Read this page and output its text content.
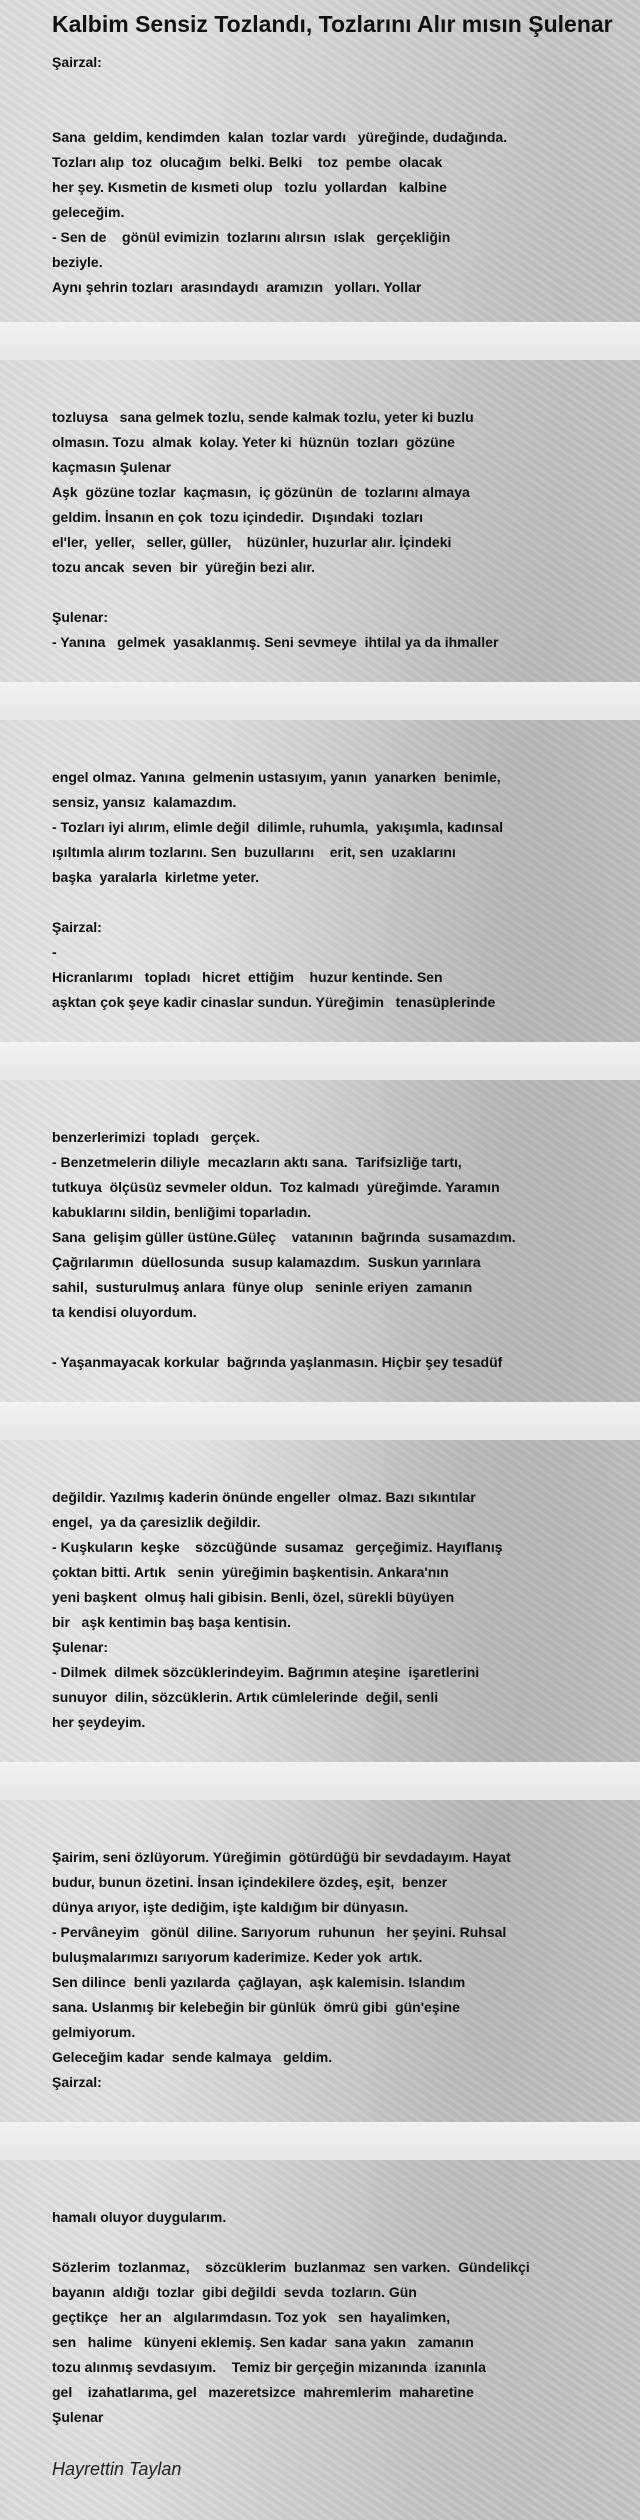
Kalbim Sensiz Tozlandı, Tozlarını Alır mısın Şulenar
Şairzal:
Sana  geldim, kendimden  kalan  tozlar vardı   yüreğinde, dudağında.
Tozları alıp  toz  olucağım  belki. Belki    toz  pembe  olacak
her şey. Kısmetin de kısmeti olup   tozlu  yollardan   kalbine
geleceğim.
- Sen de    gönül evimizin  tozlarını alırsın  ıslak   gerçekliğin
beziyle.
Aynı şehrin tozları  arasındaydı  aramızın   yolları. Yollar
tozluysa   sana gelmek tozlu, sende kalmak tozlu, yeter ki buzlu
olmasın. Tozu  almak  kolay. Yeter ki  hüznün  tozları  gözüne
kaçmasın Şulenar
Aşk  gözüne tozlar  kaçmasın,  iç gözünün  de  tozlarını almaya
geldim. İnsanın en çok  tozu içindedir.  Dışındaki  tozları
el'ler,  yeller,   seller, güller,    hüzünler, huzurlar alır. İçindeki
tozu ancak  seven  bir  yüreğin bezi alır.
Şulenar:
- Yanına   gelmek  yasaklanmış. Seni sevmeye  ihtilal ya da ihmaller
engel olmaz. Yanına  gelmenin ustasıyım, yanın  yanarken  benimle,
sensiz, yansız  kalamazdım.
- Tozları iyi alırım, elimle değil  dilimle, ruhumla,  yakışımla, kadınsal
ışıltımla alırım tozlarını. Sen  buzullarını    erit, sen  uzaklarını
başka  yaralarla  kirletme yeter.
Şairzal:
-
Hicranlarımı   topladı   hicret  ettiğim    huzur kentinde. Sen
aşktan çok şeye kadir cinaslar sundun. Yüreğimin   tenasüplerinde
benzerlerimizi  topladı   gerçek.
- Benzetmelerin diliyle  mecazların aktı sana.  Tarifsizliğe tartı,
tutkuya  ölçüsüz sevmeler oldun.  Toz kalmadı  yüreğimde. Yaramın
kabuklarını sildin, benliğimi toparladın.
Sana  gelişim güller üstüne.Güleç    vatanının  bağrında  susamazdım.
Çağrılarımın  düellosunda  susup kalamazdım.  Suskun yarınlara
sahil,  susturulmuş anlara  fünye olup   seninle eriyen  zamanın
ta kendisi oluyordum.
- Yaşanmayacak korkular  bağrında yaşlanmasın. Hiçbir şey tesadüf
değildir. Yazılmış kaderin önünde engeller  olmaz. Bazı sıkıntılar
engel,  ya da çaresizlik değildir.
- Kuşkuların  keşke    sözcüğünde  susamaz   gerçeğimiz. Hayıflanış
çoktan bitti. Artık   senin  yüreğimin başkentisin. Ankara'nın
yeni başkent  olmuş hali gibisin. Benli, özel, sürekli büyüyen
bir   aşk kentimin baş başa kentisin.
Şulenar:
- Dilmek  dilmek sözcüklerindeyim. Bağrımın ateşine  işaretlerini
sunuyor  dilin, sözcüklerin. Artık cümlelerinde  değil, senli
her şeydeyim.
Şairim, seni özlüyorum. Yüreğimin  götürdüğü bir sevdadayım. Hayat
budur, bunun özetini. İnsan içindekilere özdeş, eşit,  benzer
dünya arıyor, işte dediğim, işte kaldığım bir dünyasın.
- Pervâneyim   gönül  diline. Sarıyorum  ruhunun   her şeyini. Ruhsal
buluşmalarımızı sarıyorum kaderimize. Keder yok  artık.
Sen dilince  benli yazılarda  çağlayan,  aşk kalemisin. Islandım
sana. Uslanmış bir kelebeğin bir günlük  ömrü gibi  gün'eşine
gelmiyorum.
Geleceğim kadar  sende kalmaya   geldim.
Şairzal:
hamalı oluyor duygularım.
Sözlerim  tozlanmaz,    sözcüklerim  buzlanmaz  sen varken.  Gündelikçi
bayanın  aldığı  tozlar  gibi değildi  sevda  tozların. Gün
geçtikçe   her an   algılarımdasın. Toz yok   sen  hayalimken,
sen   halime   künyeni eklemiş. Sen kadar  sana yakın   zamanın
tozu alınmış sevdasıyım.    Temiz bir gerçeğin mizanında  izanınla
gel    izahatlarıma, gel   mazeretsizce  mahremlerim  maharetine
Şulenar
Hayrettin Taylan
